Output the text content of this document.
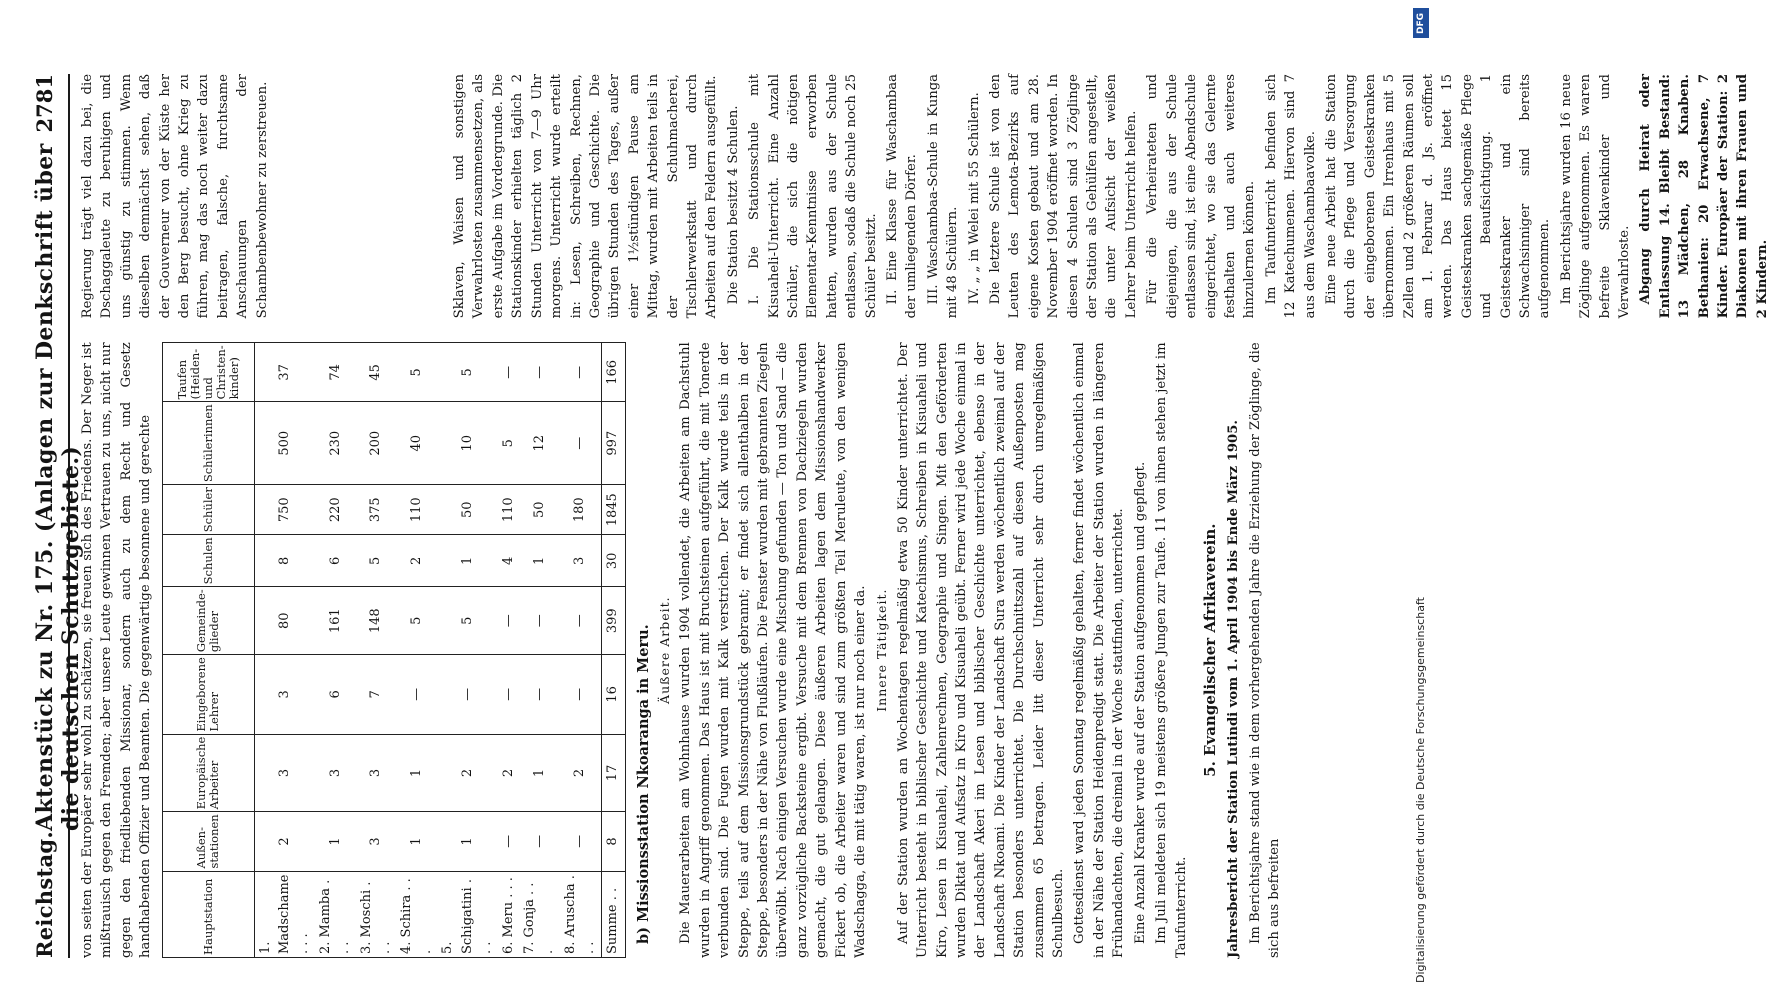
Reichstag.
Aktenstück zu Nr. 175. (Anlagen zur Denkschrift über die deutschen Schutzgebiete.)
2781

von seiten der Europäer sehr wohl zu schätzen, sie freuen sich des Friedens. Der Neger ist mißtrauisch gegen den Fremden; aber unsere Leute gewinnen Vertrauen zu uns, nicht nur gegen den friedliebenden Missionar, sondern auch zu dem Recht und Gesetz handhabenden Offizier und Beamten. Die gegenwärtige besonnene und gerechte	Hauptstation	Außen-stationen	Europäische Arbeiter	Eingeborene Lehrer	Gemeinde-glieder	Schulen	Schüler	Schülerinnen	Taufen (Heiden- und Christen-kinder)
1. Madschame . . .	2	3	3	80	8	750	500	37
2. Mamba . . .	1	3	6	161	6	220	230	74
3. Moschi . . .	3	3	7	148	5	375	200	45
4. Schira . . .	1	1	—	5	2	110	40	5
5. Schigatini . . .	1	2	—	5	1	50	10	5
6. Meru . . .	—	2	—	—	4	110	5	—
7. Gonja . . .	—	1	—	—	1	50	12	—
8. Aruscha . . .	—	2	—	—	3	180	—	—
Summe . .	8	17	16	399	30	1845	997	166

b) Missionsstation Nkoaranga in Meru. Äußere Arbeit. Die Mauerarbeiten am Wohnhause wurden 1904 vollendet, die Arbeiten am Dachstuhl wurden in Angriff genommen. Das Haus ist mit Bruchsteinen aufgeführt, die mit Tonerde verbunden sind. Die Fugen wurden mit Kalk verstrichen. Der Kalk wurde teils in der Steppe, teils auf dem Missionsgrundstück gebrannt; er findet sich allenthalben in der Steppe, besonders in der Nähe von Flußläufen. Die Fenster wurden mit gebrannten Ziegeln überwölbt. Nach einigen Versuchen wurde eine Mischung gefunden — Ton und Sand — die ganz vorzügliche Backsteine ergibt. Versuche mit dem Brennen von Dachziegeln wurden gemacht, die gut gelangen. Diese äußeren Arbeiten lagen dem Missionshandwerker Fickert ob, die Arbeiter waren und sind zum größten Teil Meruleute, von den wenigen Wadschagga, die mit tätig waren, ist nur noch einer da. Innere Tätigkeit. Auf der Station wurden an Wochentagen regelmäßig etwa 50 Kinder unterrichtet. Der Unterricht besteht in biblischer Geschichte und Katechismus, Schreiben in Kisuaheli und Kiro, Lesen in Kisuaheli, Zahlenrechnen, Geographie und Singen. Mit den Geförderten wurden Diktat und Aufsatz in Kiro und Kisuaheli geübt. Ferner wird jede Woche einmal in der Landschaft Akeri im Lesen und biblischer Geschichte unterrichtet, ebenso in der Landschaft Nkoami. Die Kinder der Landschaft Sura werden wöchentlich zweimal auf der Station besonders unterrichtet. Die Durchschnittszahl auf diesen Außenposten mag zusammen 65 betragen. Leider litt dieser Unterricht sehr durch unregelmäßigen Schulbesuch. Gottesdienst ward jeden Sonntag regelmäßig gehalten, ferner findet wöchentlich einmal in der Nähe der Station Heidenpredigt statt. Die Arbeiter der Station wurden in längeren Frühandachten, die dreimal in der Woche stattfinden, unterrichtet. Eine Anzahl Kranker wurde auf der Station aufgenommen und gepflegt. Im Juli meldeten sich 19 meistens größere Jungen zur Taufe. 11 von ihnen stehen jetzt im Taufunterricht.

5. Evangelischer Afrikaverein. Jahresbericht der Station Lutindi vom 1. April 1904 bis Ende März 1905. Im Berichtsjahre stand wie in dem vorhergehenden Jahre die Erziehung der Zöglinge, die sich aus befreiten

Regierung trägt viel dazu bei, die Dschaggaleute zu beruhigen und uns günstig zu stimmen. Wenn dieselben demnächst sehen, daß der Gouverneur von der Küste her den Berg besucht, ohne Krieg zu führen, mag das noch weiter dazu beitragen, falsche, furchtsame Anschauungen der Schambenbewohner zu zerstreuen.	Sklaven, Waisen und sonstigen Verwahrlosten zusammensetzen, als erste Aufgabe im Vordergrunde. Die Stationskinder erhielten täglich 2 Stunden Unterricht von 7—9 Uhr morgens. Unterricht wurde erteilt in: Lesen, Schreiben, Rechnen, Geographie und Geschichte. Die übrigen Stunden des Tages, außer einer 1½stündigen Pause am Mittag, wurden mit Arbeiten teils in der Schuhmacherei, Tischlerwerkstatt und durch Arbeiten auf den Feldern ausgefüllt. Die Station besitzt 4 Schulen. I. Die Stationsschule mit Kisuaheli-Unterricht. Eine Anzahl Schüler, die sich die nötigen Elementar-Kenntnisse erworben hatten, wurden aus der Schule entlassen, sodaß die Schule noch 25 Schüler besitzt. II. Eine Klasse für Waschambaa der umliegenden Dörfer. III. Waschambaa-Schule in Kunga mit 48 Schülern. IV. „ „ in Welei mit 55 Schülern. Die letztere Schule ist von den Leuten des Lemota-Bezirks auf eigene Kosten gebaut und am 28. November 1904 eröffnet worden. In diesen 4 Schulen sind 3 Zöglinge der Station als Gehülfen angestellt, die unter Aufsicht der weißen Lehrer beim Unterricht helfen. Für die Verheirateten und diejenigen, die aus der Schule entlassen sind, ist eine Abendschule eingerichtet, wo sie das Gelernte festhalten und auch weiteres hinzulernen können. Im Taufunterricht befinden sich 12 Katechumenen. Hiervon sind 7 aus dem Waschambaavolke. Eine neue Arbeit hat die Station durch die Pflege und Versorgung der eingeborenen Geisteskranken übernommen. Ein Irrenhaus mit 5 Zellen und 2 größeren Räumen soll am 1. Februar d. Js. eröffnet werden. Das Haus bietet 15 Geisteskranken sachgemäße Pflege und Beaufsichtigung. 1 Geisteskranker und ein Schwachsinniger sind bereits aufgenommen. Im Berichtsjahre wurden 16 neue Zöglinge aufgenommen. Es waren befreite Sklavenkinder und Verwahrloste. Abgang durch Heirat oder Entlassung 14. Bleibt Bestand: 13 Mädchen, 28 Knaben. Bethanien: 20 Erwachsene, 7 Kinder. Europäer der Station: 2 Diakonen mit ihren Frauen und 2 Kindern.

DFG
Digitalisierung gefördert durch die Deutsche Forschungsgemeinschaft
